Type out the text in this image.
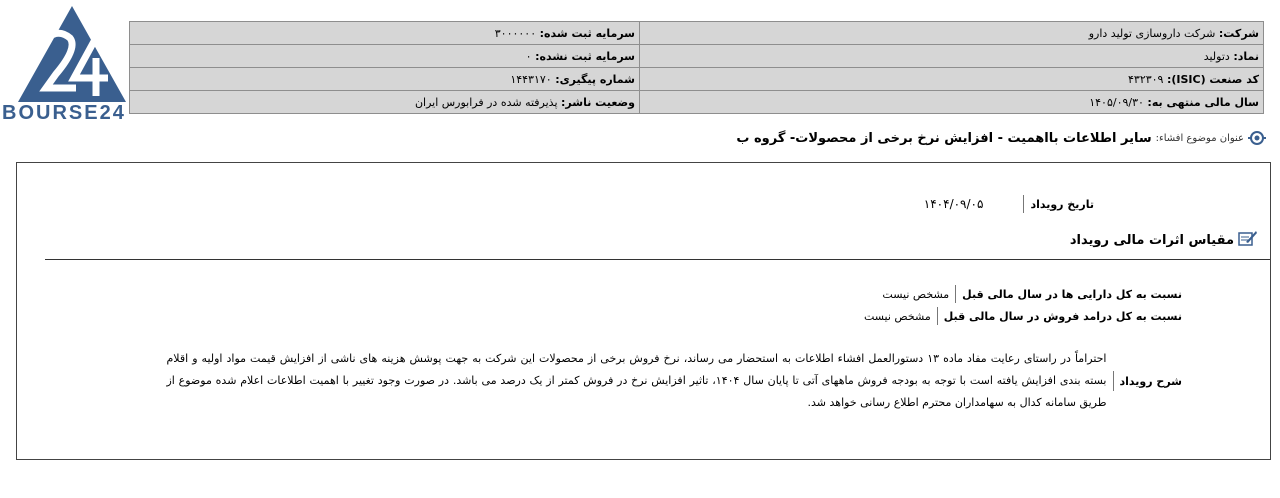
BOURSE24
شرکت: شرکت داروسازی تولید دارو	سرمایه ثبت شده: ۳۰۰۰۰۰۰
نماد: دتولید	سرمایه ثبت نشده: ۰
کد صنعت (ISIC): ۴۳۲۳۰۹	شماره پیگیری: ۱۴۴۳۱۷۰
سال مالی منتهی به: ۱۴۰۵/۰۹/۳۰	وضعیت ناشر: پذیرفته شده در فرابورس ایران
عنوان موضوع افشاء:
سایر اطلاعات بااهمیت - افزایش نرخ برخی از محصولات- گروه ب
تاریخ رویداد
۱۴۰۴/۰۹/۰۵
مقیاس اثرات مالی رویداد
نسبت به کل دارایی ها در سال مالی قبل
مشخص نیست
نسبت به کل درامد فروش در سال مالی قبل
مشخص نیست
شرح رویداد
احتراماً در راستای رعایت مفاد ماده ۱۳ دستورالعمل افشاء اطلاعات به استحضار می رساند، نرخ فروش برخی از محصولات این شرکت به جهت پوشش هزینه های ناشی از افزایش قیمت مواد اولیه و اقلام بسته بندی افزایش یافته است با توجه به بودجه فروش ماههای آتی تا پایان سال ۱۴۰۴، تاثیر افزایش نرخ در فروش کمتر از یک درصد می باشد. در صورت وجود تغییر با اهمیت اطلاعات اعلام شده موضوع از طریق سامانه کدال به سهامداران محترم اطلاع رسانی خواهد شد.
